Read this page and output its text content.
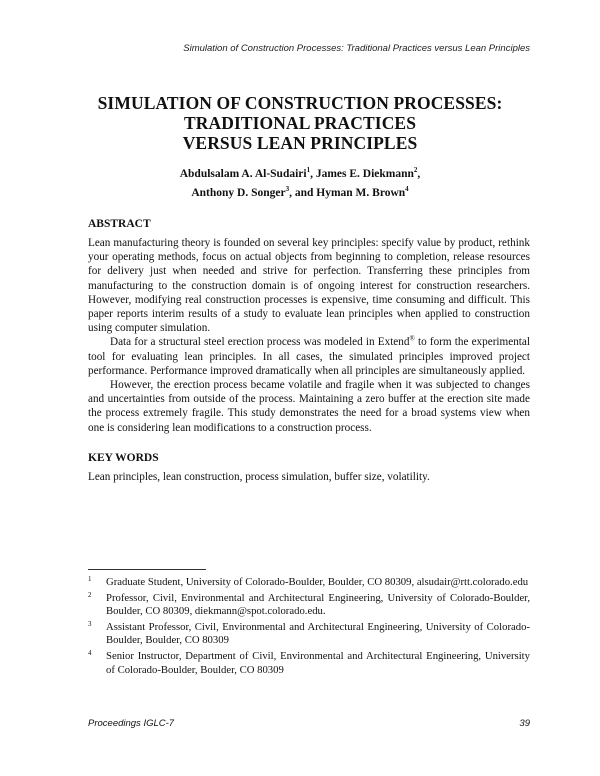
Simulation of Construction Processes: Traditional Practices versus Lean Principles
SIMULATION OF CONSTRUCTION PROCESSES:
TRADITIONAL PRACTICES
VERSUS LEAN PRINCIPLES
Abdulsalam A. Al-Sudairi$^1$, James E. Diekmann$^2$,
Anthony D. Songer$^3$, and Hyman M. Brown$^4$
ABSTRACT

Lean manufacturing theory is founded on several key principles: specify value by product, rethink your operating methods, focus on actual objects from beginning to completion, release resources for delivery just when needed and strive for perfection. Transferring these principles from manufacturing to the construction domain is of ongoing interest for construction researchers. However, modifying real construction processes is expensive, time consuming and difficult. This paper reports interim results of a study to evaluate lean principles when applied to construction using computer simulation.

Data for a structural steel erection process was modeled in Extend® to form the experimental tool for evaluating lean principles. In all cases, the simulated principles improved project performance. Performance improved dramatically when all principles are simultaneously applied.

However, the erection process became volatile and fragile when it was subjected to changes and uncertainties from outside of the process. Maintaining a zero buffer at the erection site made the process extremely fragile. This study demonstrates the need for a broad systems view when one is considering lean modifications to a construction process.

KEY WORDS
Lean principles, lean construction, process simulation, buffer size, volatility.
1 Graduate Student, University of Colorado-Boulder, Boulder, CO 80309, alsudair@rtt.colorado.edu
2 Professor, Civil, Environmental and Architectural Engineering, University of Colorado-Boulder, Boulder, CO 80309, diekmann@spot.colorado.edu.
3 Assistant Professor, Civil, Environmental and Architectural Engineering, University of Colorado-Boulder, Boulder, CO 80309
4 Senior Instructor, Department of Civil, Environmental and Architectural Engineering, University of Colorado-Boulder, Boulder, CO 80309
Proceedings IGLC-7	39
